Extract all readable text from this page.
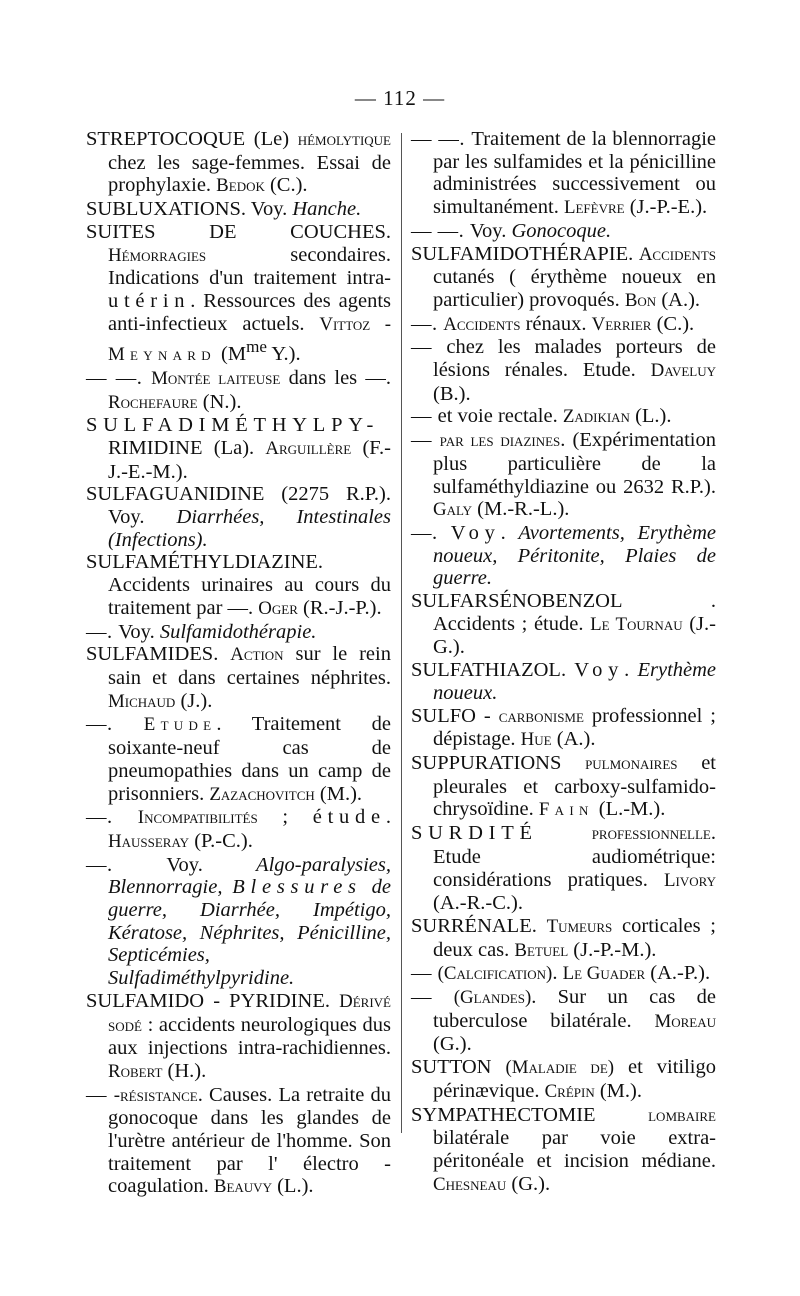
— 112 —

STREPTOCOQUE (Le) hémolytique chez les sage-femmes. Essai de prophylaxie. Bedok (C.).

SUBLUXATIONS. Voy. Hanche.

SUITES DE COUCHES. Hémorragies secondaires. Indications d'un traitement intra-utérin. Ressources des agents anti-infectieux actuels. Vittoz - Meynard ($M^{me}$ Y.).

— —. Montée laiteuse dans les —. Rochefaure (N.).

SULFADIMÉTHYLPY-RIMIDINE (La). Arguillère (F.-J.-E.-M.).

SULFAGUANIDINE (2275 R.P.). Voy. Diarrhées, Intestinales (Infections).

SULFAMÉTHYLDIAZINE. Accidents urinaires au cours du traitement par —. Oger (R.-J.-P.).

—. Voy. Sulfamidothérapie.

SULFAMIDES. Action sur le rein sain et dans certaines néphrites. Michaud (J.).

—. Etude. Traitement de soixante-neuf cas de pneumopathies dans un camp de prisonniers. Zazachovitch (M.).

—. Incompatibilités ; étude. Hausseray (P.-C.).

—. Voy. Algo-paralysies, Blennorragie, Blessures de guerre, Diarrhée, Impétigo, Kératose, Néphrites, Pénicilline, Septicémies, Sulfadiméthylpyridine.

SULFAMIDO - PYRIDINE. Dérivé sodé : accidents neurologiques dus aux injections intra-rachidiennes. Robert (H.).

— -résistance. Causes. La retraite du gonocoque dans les glandes de l'urètre antérieur de l'homme. Son traitement par l' électro - coagulation. Beauvy (L.).

— —. Traitement de la blennorragie par les sulfamides et la pénicilline administrées successivement ou simultanément. Lefèvre (J.-P.-E.).

— —. Voy. Gonocoque.

SULFAMIDOTHÉRAPIE. Accidents cutanés ( érythème noueux en particulier) provoqués. Bon (A.).

—. Accidents rénaux. Verrier (C.).

— chez les malades porteurs de lésions rénales. Etude. Daveluy (B.).

— et voie rectale. Zadikian (L.).

— par les diazines. (Expérimentation plus particulière de la sulfaméthyldiazine ou 2632 R.P.). Galy (M.-R.-L.).

—. Voy. Avortements, Erythème noueux, Péritonite, Plaies de guerre.

SULFARSÉNOBENZOL . Accidents ; étude. Le Tournau (J.-G.).

SULFATHIAZOL. Voy. Erythème noueux.

SULFO - carbonisme professionnel ; dépistage. Hue (A.).

SUPPURATIONS pulmonaires et pleurales et carboxy-sulfamido-chrysoïdine. Fain (L.-M.).

SURDITÉ	professionnelle. Etude audiométrique: considérations pratiques. Livory (A.-R.-C.).

SURRÉNALE. Tumeurs corticales ; deux cas. Betuel (J.-P.-M.).

— (Calcification). Le Guader (A.-P.).

— (Glandes). Sur un cas de tuberculose bilatérale. Moreau (G.).

SUTTON (Maladie de) et vitiligo périnævique. Crépin (M.).

SYMPATHECTOMIE lombaire bilatérale par voie extra-péritonéale et incision médiane. Chesneau (G.).
